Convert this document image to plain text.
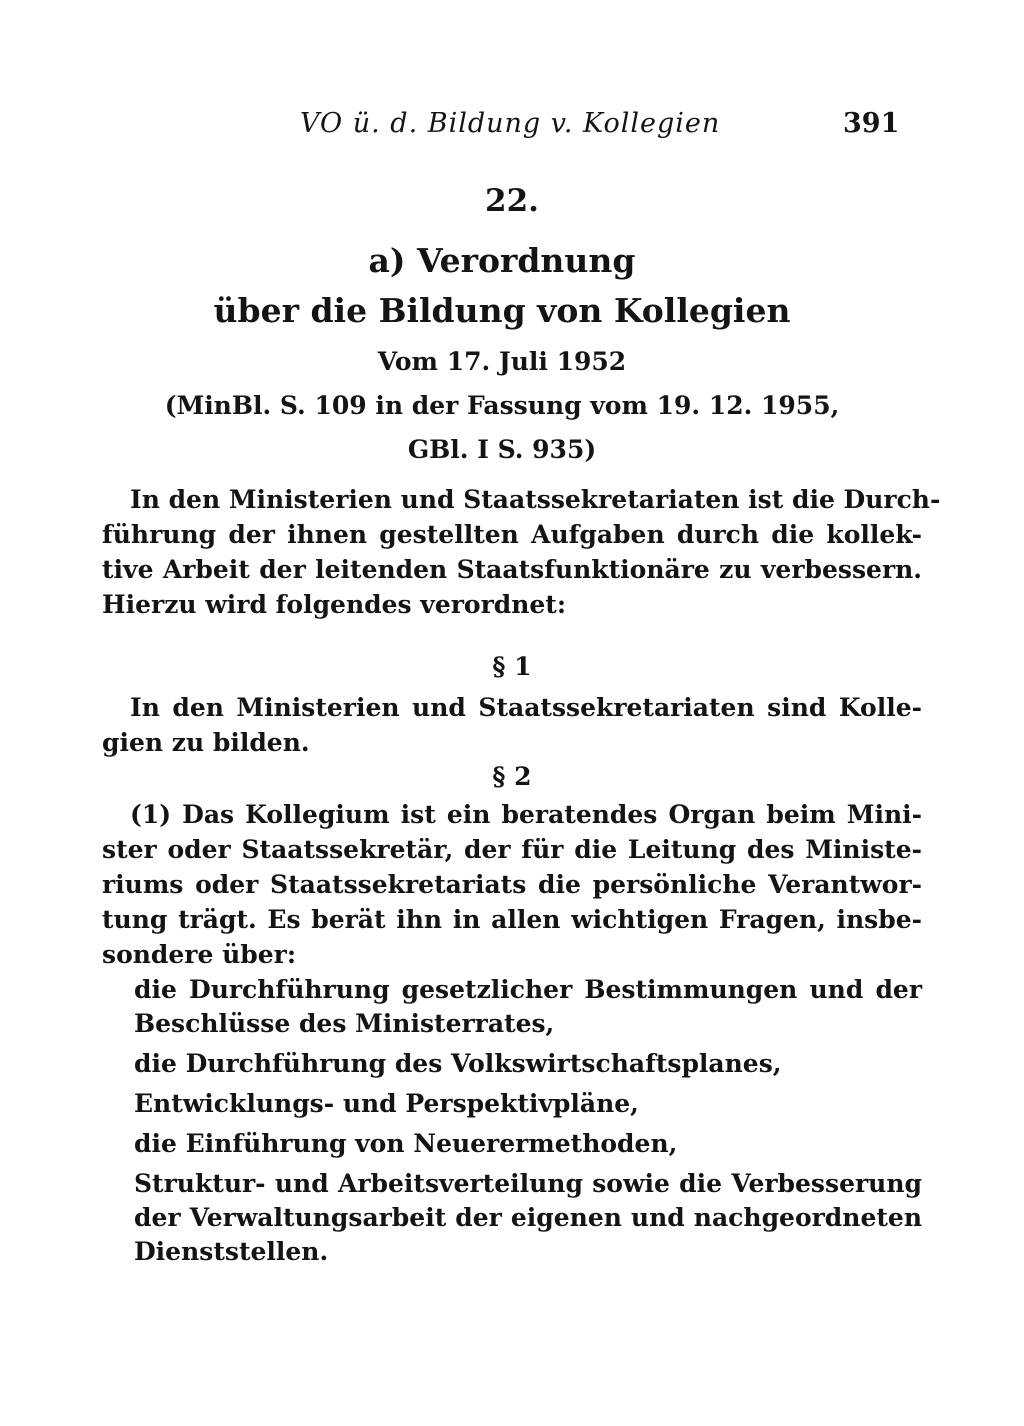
VO ü. d. Bildung v. Kollegien	391
22.
a) Verordnung
über die Bildung von Kollegien
Vom 17. Juli 1952
(MinBl. S. 109 in der Fassung vom 19. 12. 1955,
GBl. I S. 935)
In den Ministerien und Staatssekretariaten ist die Durch-
führung der ihnen gestellten Aufgaben durch die kollek-
tive Arbeit der leitenden Staatsfunktionäre zu verbessern.
Hierzu wird folgendes verordnet:
§ 1
In den Ministerien und Staatssekretariaten sind Kolle-
gien zu bilden.
§ 2
(1) Das Kollegium ist ein beratendes Organ beim Mini-
ster oder Staatssekretär, der für die Leitung des Ministe-
riums oder Staatssekretariats die persönliche Verantwor-
tung trägt. Es berät ihn in allen wichtigen Fragen, insbe-
sondere über:
die Durchführung gesetzlicher Bestimmungen und der
Beschlüsse des Ministerrates,
die Durchführung des Volkswirtschaftsplanes,
Entwicklungs- und Perspektivpläne,
die Einführung von Neuerermethoden,
Struktur- und Arbeitsverteilung sowie die Verbesserung
der Verwaltungsarbeit der eigenen und nachgeordneten
Dienststellen.
